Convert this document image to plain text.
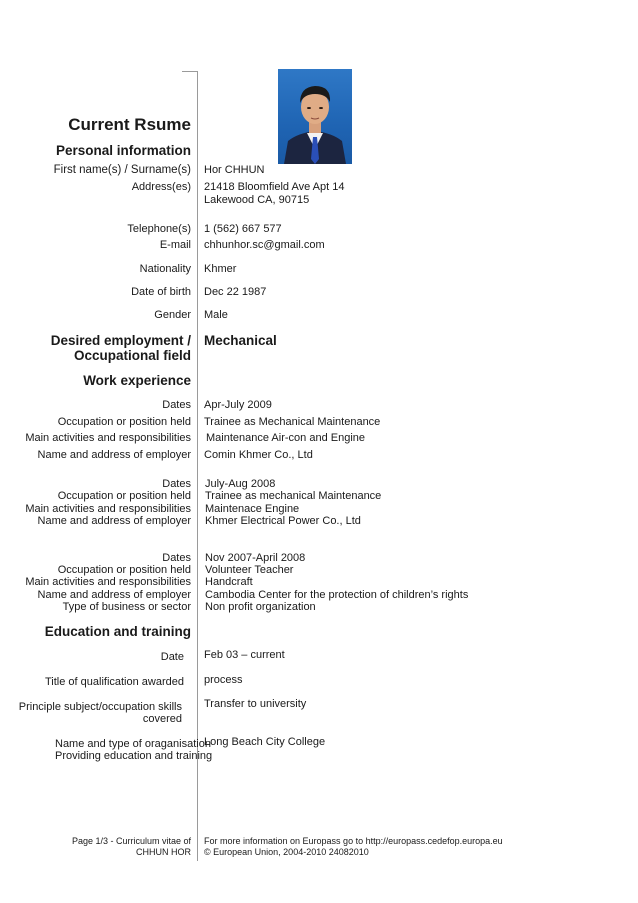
Current Rsume
Personal information
First name(s) / Surname(s) Hor CHHUN
Address(es) 21418 Bloomfield Ave Apt 14
Lakewood CA, 90715
Telephone(s) 1 (562) 667 577
E-mail chhunhor.sc@gmail.com
Nationality Khmer
Date of birth Dec 22 1987
Gender Male
Desired employment /
Occupational field
Mechanical
Work experience
Dates Apr-July 2009
Occupation or position held Trainee as Mechanical Maintenance
Main activities and responsibilities Maintenance Air-con and Engine
Name and address of employer Comin Khmer Co., Ltd
Dates July-Aug 2008
Occupation or position held Trainee as mechanical Maintenance
Main activities and responsibilities Maintenace Engine
Name and address of employer Khmer Electrical Power Co., Ltd
Dates Nov 2007-April 2008
Occupation or position held Volunteer Teacher
Main activities and responsibilities Handcraft
Name and address of employer Cambodia Center for the protection of children’s rights
Type of business or sector Non profit organization
Education and training
Date Feb 03 – current
Title of qualification awarded process
Principle subject/occupation skills
covered
Transfer to university
Name and type of oraganisation
Providing education and training
Long Beach City College
Page 1/3 - Curriculum vitae of
CHHUN HOR
For more information on Europass go to http://europass.cedefop.europa.eu
© European Union, 2004-2010 24082010
